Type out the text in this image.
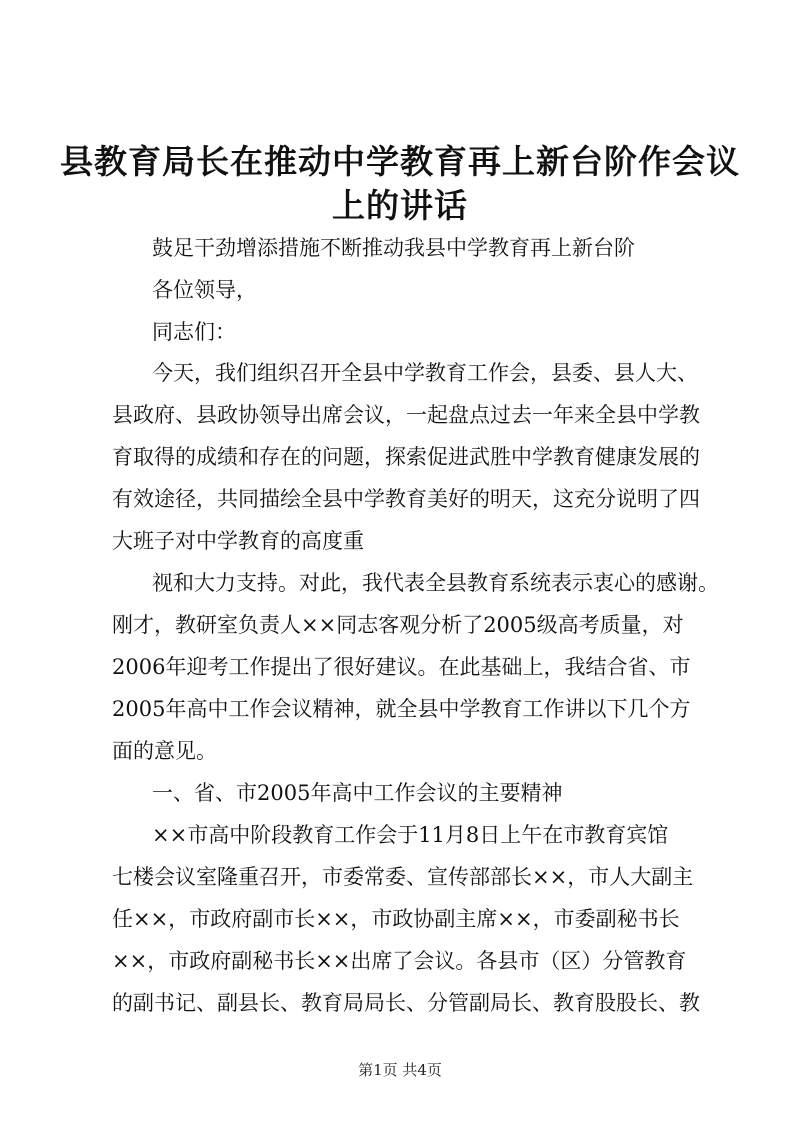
县教育局长在推动中学教育再上新台阶作会议
上的讲话

鼓足干劲增添措施不断推动我县中学教育再上新台阶

各位领导，

同志们：

今天，我们组织召开全县中学教育工作会，县委、县人大、

县政府、县政协领导出席会议，一起盘点过去一年来全县中学教

育取得的成绩和存在的问题，探索促进武胜中学教育健康发展的

有效途径，共同描绘全县中学教育美好的明天，这充分说明了四

大班子对中学教育的高度重

视和大力支持。对此，我代表全县教育系统表示衷心的感谢。

刚才，教研室负责人××同志客观分析了2005级高考质量，对

2006年迎考工作提出了很好建议。在此基础上，我结合省、市

2005年高中工作会议精神，就全县中学教育工作讲以下几个方

面的意见。

一、省、市2005年高中工作会议的主要精神

××市高中阶段教育工作会于11月8日上午在市教育宾馆

七楼会议室隆重召开，市委常委、宣传部部长××，市人大副主

任××，市政府副市长××，市政协副主席××，市委副秘书长

××，市政府副秘书长××出席了会议。各县市（区）分管教育

的副书记、副县长、教育局局长、分管副局长、教育股股长、教

第1页 共4页
